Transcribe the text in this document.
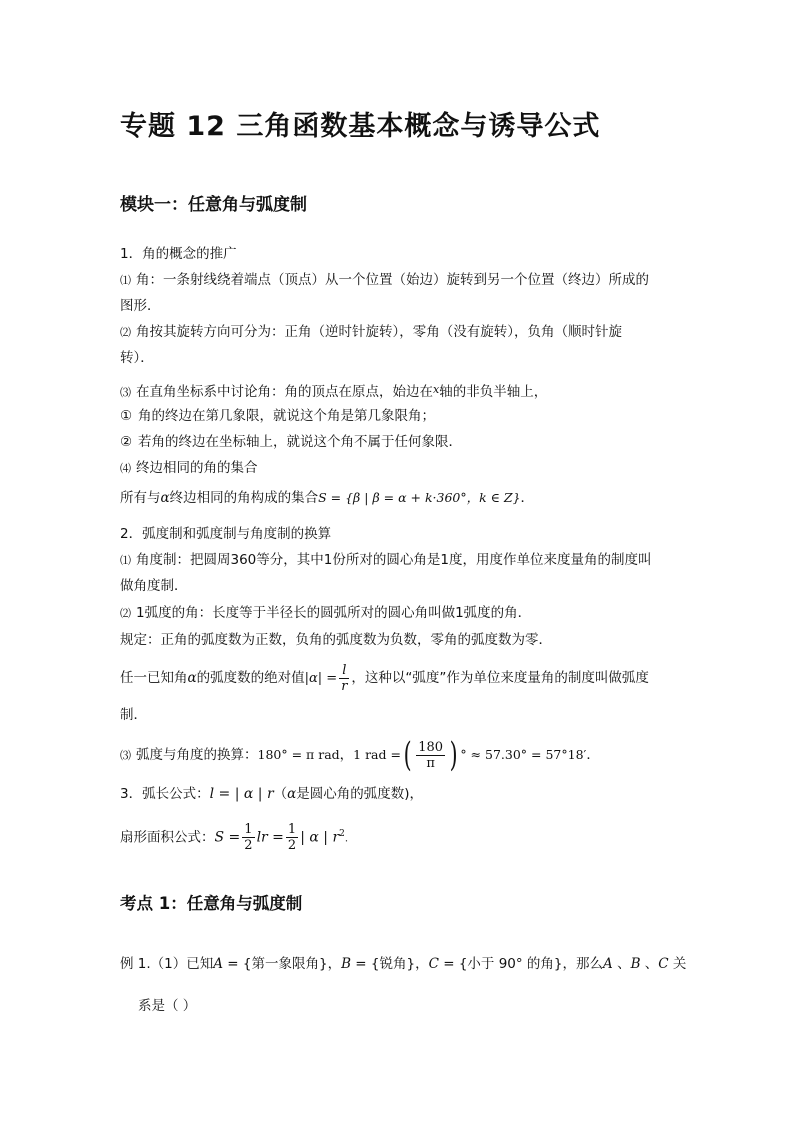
专题 12 三角函数基本概念与诱导公式
模块一：任意角与弧度制
1．角的概念的推广
⑴ 角：一条射线绕着端点（顶点）从一个位置（始边）旋转到另一个位置（终边）所成的
图形．
⑵ 角按其旋转方向可分为：正角（逆时针旋转），零角（没有旋转），负角（顺时针旋
转）．
⑶ 在直角坐标系中讨论角：角的顶点在原点，始边在$^x$轴的非负半轴上，
① 角的终边在第几象限，就说这个角是第几象限角；
② 若角的终边在坐标轴上，就说这个角不属于任何象限．
⑷ 终边相同的角的集合
所有与α终边相同的角构成的集合S = {β | β = α + k·360°，k ∈ Z}．
2．弧度制和弧度制与角度制的换算
⑴ 角度制：把圆周360等分，其中1份所对的圆心角是1度，用度作单位来度量角的制度叫
做角度制．
⑵ 1弧度的角：长度等于半径长的圆弧所对的圆心角叫做1弧度的角．
规定：正角的弧度数为正数，负角的弧度数为负数，零角的弧度数为零．
任一已知角α的弧度数的绝对值$|\alpha| = \frac{l}{r}$ ，这种以“弧度”作为单位来度量角的制度叫做弧度
制．
⑶ 弧度与角度的换算：180° = π rad，1 rad =( $\frac{180}{\pi}$ ) ° ≈ 57.30° = 57°18′．
3．弧长公式：l = | α | r（α是圆心角的弧度数)，
扇形面积公式：$S = \frac{1}{2}$ lr = $\frac{1}{2}$ | α | $r^2$.
考点 1：任意角与弧度制
例 1.（1）已知A = {第一象限角}，B = {锐角}，C = {小于 90° 的角}，那么A 、B 、C 关
系是（ ）
